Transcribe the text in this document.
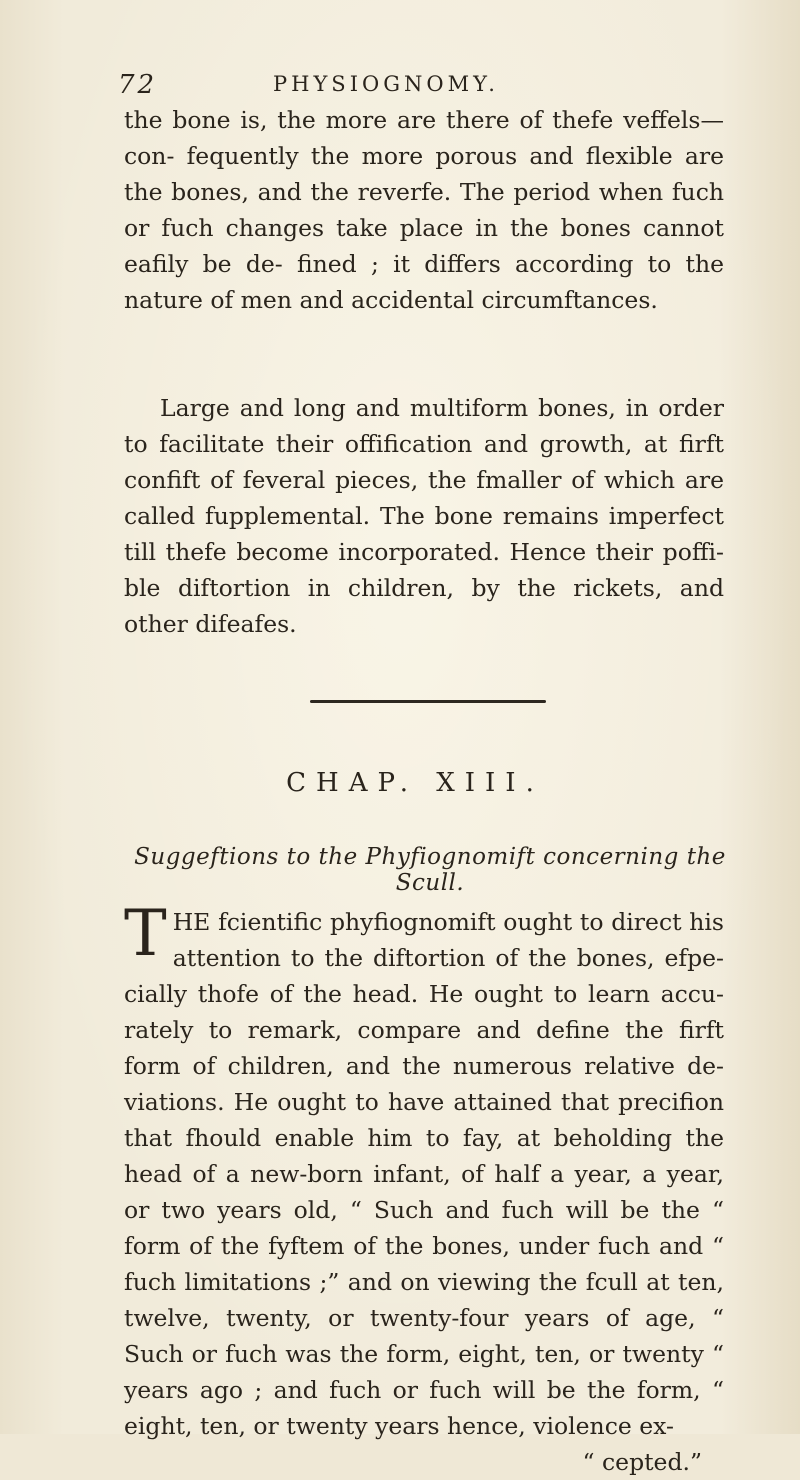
72	PHYSIOGNOMY.
the bone is, the more are there of thefe veffels—con- fequently the more porous and flexible are the bones, and the reverfe. The period when fuch or fuch changes take place in the bones cannot eafily be de- fined ; it differs according to the nature of men and accidental circumftances.
Large and long and multiform bones, in order to facilitate their offification and growth, at firft confift of feveral pieces, the fmaller of which are called fupplemental. The bone remains imperfect till thefe become incorporated. Hence their poffi- ble diftortion in children, by the rickets, and other difeafes.
CHAP. XIII.
Suggeftions to the Phyfiognomift concerning the Scull.
THE fcientific phyfiognomift ought to direct his attention to the diftortion of the bones, efpe- cially thofe of the head. He ought to learn accu- rately to remark, compare and define the firft form of children, and the numerous relative de- viations. He ought to have attained that precifion that fhould enable him to fay, at beholding the head of a new-born infant, of half a year, a year, or two years old, “ Such and fuch will be the “ form of the fyftem of the bones, under fuch and “ fuch limitations ;” and on viewing the fcull at ten, twelve, twenty, or twenty-four years of age, “ Such or fuch was the form, eight, ten, or twenty “ years ago ; and fuch or fuch will be the form, “ eight, ten, or twenty years hence, violence ex-
“ cepted.”
